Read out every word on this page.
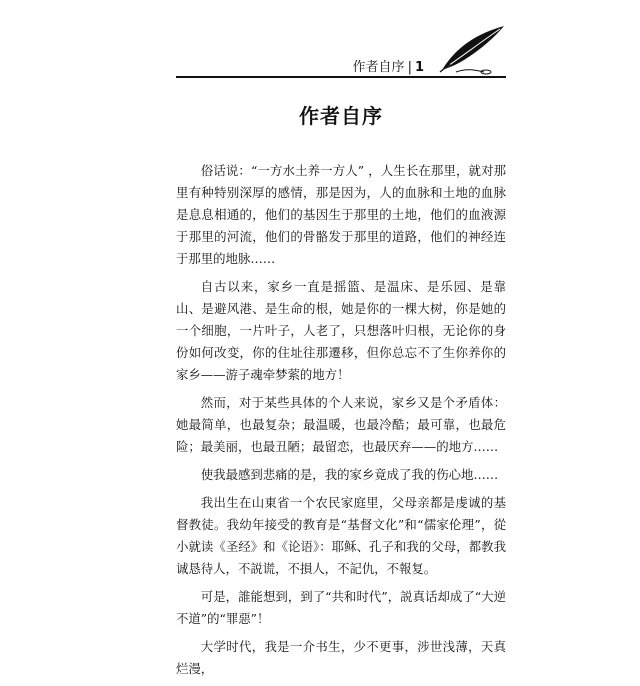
作者自序 | 1
作者自序

俗话说：“一方水土养一方人” ，人生长在那里，就对那里有种特别深厚的感情，那是因为，人的血脉和土地的血脉是息息相通的，他们的基因生于那里的土地，他们的血液源于那里的河流，他们的骨骼发于那里的道路，他们的神经连于那里的地脉……

自古以来，家乡一直是摇篮、是温床、是乐园、是靠山、是避风港、是生命的根，她是你的一棵大树，你是她的一个细胞，一片叶子，人老了，只想落叶归根，无论你的身份如何改变，你的住址往那遷移，但你总忘不了生你养你的家乡——游子魂牵梦萦的地方！

然而，对于某些具体的个人来说，家乡又是个矛盾体：她最简单，也最复杂；最温暖，也最冷酷；最可靠，也最危险；最美丽，也最丑陋；最留恋，也最厌弃——的地方……

使我最感到悲痛的是，我的家乡竟成了我的伤心地……

我出生在山東省一个农民家庭里，父母亲都是虔诚的基督教徒。我幼年接受的教育是“基督文化”和“儒家伦理”，從小就读《圣经》和《论语》：耶稣、孔子和我的父母，都教我诚恳待人，不説谎，不損人，不記仇，不報复。

可是，誰能想到，到了“共和时代”，説真话却成了“大逆不道”的“罪惡”！

大学时代，我是一介书生，少不更事，涉世浅薄，天真烂漫，
